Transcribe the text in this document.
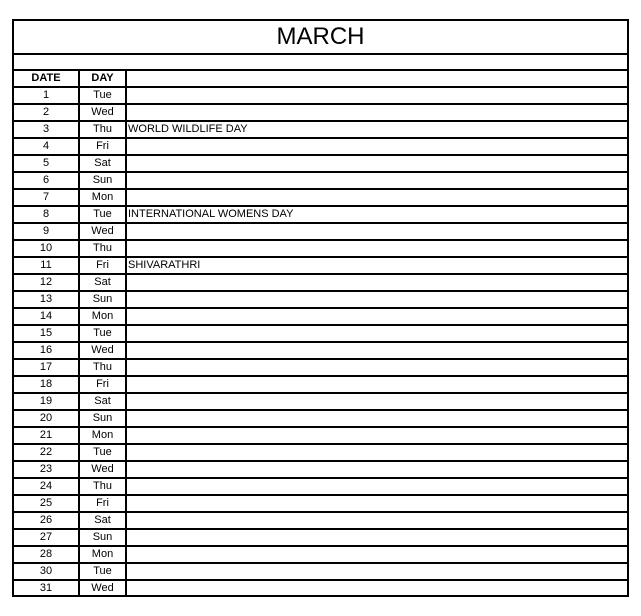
MARCH
DATE	DAY
1	Tue
2	Wed
3	Thu	WORLD WILDLIFE DAY
4	Fri
5	Sat
6	Sun
7	Mon
8	Tue	INTERNATIONAL WOMENS DAY
9	Wed
10	Thu
11	Fri	SHIVARATHRI
12	Sat
13	Sun
14	Mon
15	Tue
16	Wed
17	Thu
18	Fri
19	Sat
20	Sun
21	Mon
22	Tue
23	Wed
24	Thu
25	Fri
26	Sat
27	Sun
28	Mon
30	Tue
31	Wed
